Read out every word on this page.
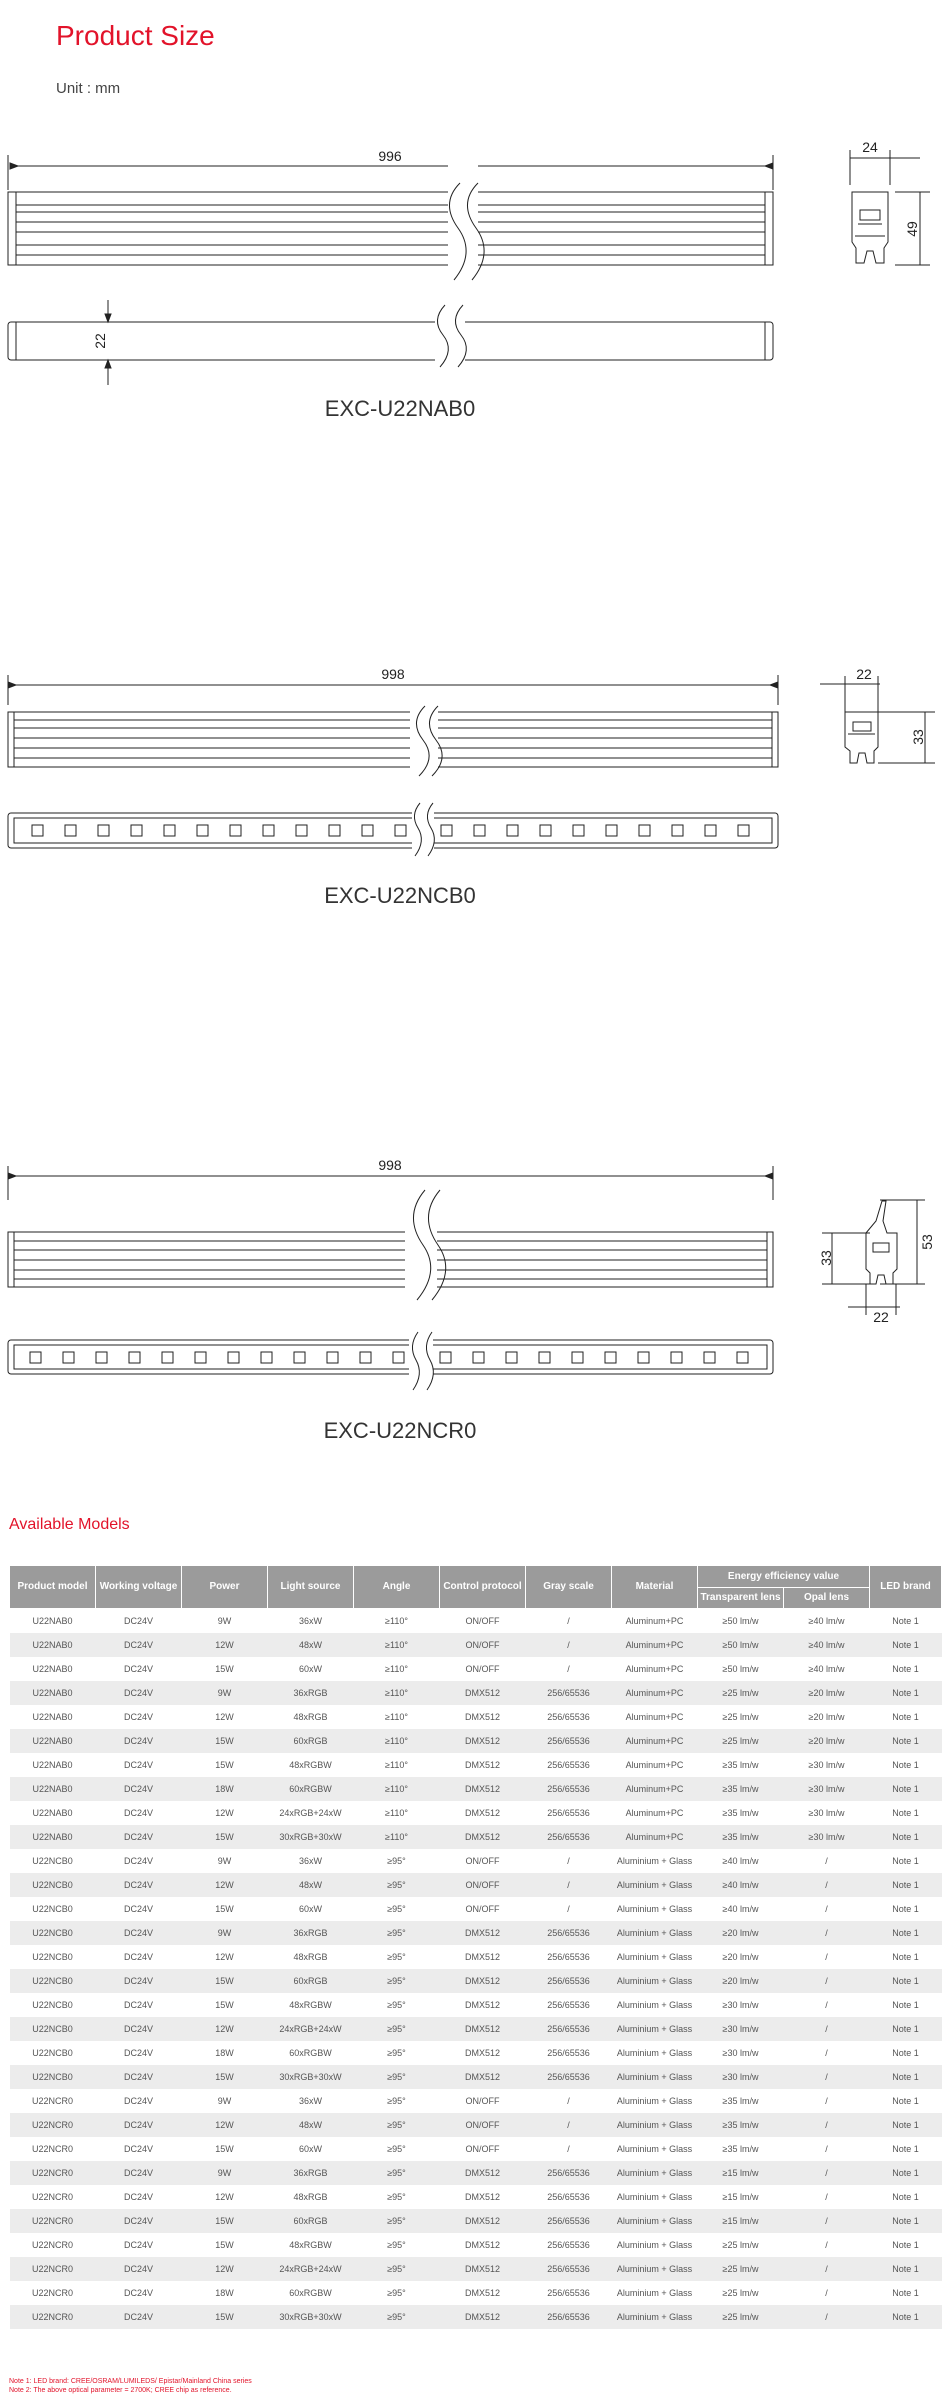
Product Size
Unit : mm
996
22
24
49
EXC-U22NAB0
998	22
33
EXC-U22NCB0
998
33
53
22
EXC-U22NCR0
Available Models
Product model	Working voltage	Power	Light source	Angle	Control protocol	Gray scale	Material	Energy efficiency value		LED brand
								Transparent lens	Opal lens	
U22NAB0	DC24V	9W	36xW	≥110°	ON/OFF	/	Aluminum+PC	≥50 lm/w	≥40 lm/w	Note 1
U22NAB0	DC24V	12W	48xW	≥110°	ON/OFF	/	Aluminum+PC	≥50 lm/w	≥40 lm/w	Note 1
U22NAB0	DC24V	15W	60xW	≥110°	ON/OFF	/	Aluminum+PC	≥50 lm/w	≥40 lm/w	Note 1
U22NAB0	DC24V	9W	36xRGB	≥110°	DMX512	256/65536	Aluminum+PC	≥25 lm/w	≥20 lm/w	Note 1
U22NAB0	DC24V	12W	48xRGB	≥110°	DMX512	256/65536	Aluminum+PC	≥25 lm/w	≥20 lm/w	Note 1
U22NAB0	DC24V	15W	60xRGB	≥110°	DMX512	256/65536	Aluminum+PC	≥25 lm/w	≥20 lm/w	Note 1
U22NAB0	DC24V	15W	48xRGBW	≥110°	DMX512	256/65536	Aluminum+PC	≥35 lm/w	≥30 lm/w	Note 1
U22NAB0	DC24V	18W	60xRGBW	≥110°	DMX512	256/65536	Aluminum+PC	≥35 lm/w	≥30 lm/w	Note 1
U22NAB0	DC24V	12W	24xRGB+24xW	≥110°	DMX512	256/65536	Aluminum+PC	≥35 lm/w	≥30 lm/w	Note 1
U22NAB0	DC24V	15W	30xRGB+30xW	≥110°	DMX512	256/65536	Aluminum+PC	≥35 lm/w	≥30 lm/w	Note 1
U22NCB0	DC24V	9W	36xW	≥95°	ON/OFF	/	Aluminium + Glass	≥40 lm/w	/	Note 1
U22NCB0	DC24V	12W	48xW	≥95°	ON/OFF	/	Aluminium + Glass	≥40 lm/w	/	Note 1
U22NCB0	DC24V	15W	60xW	≥95°	ON/OFF	/	Aluminium + Glass	≥40 lm/w	/	Note 1
U22NCB0	DC24V	9W	36xRGB	≥95°	DMX512	256/65536	Aluminium + Glass	≥20 lm/w	/	Note 1
U22NCB0	DC24V	12W	48xRGB	≥95°	DMX512	256/65536	Aluminium + Glass	≥20 lm/w	/	Note 1
U22NCB0	DC24V	15W	60xRGB	≥95°	DMX512	256/65536	Aluminium + Glass	≥20 lm/w	/	Note 1
U22NCB0	DC24V	15W	48xRGBW	≥95°	DMX512	256/65536	Aluminium + Glass	≥30 lm/w	/	Note 1
U22NCB0	DC24V	12W	24xRGB+24xW	≥95°	DMX512	256/65536	Aluminium + Glass	≥30 lm/w	/	Note 1
U22NCB0	DC24V	18W	60xRGBW	≥95°	DMX512	256/65536	Aluminium + Glass	≥30 lm/w	/	Note 1
U22NCB0	DC24V	15W	30xRGB+30xW	≥95°	DMX512	256/65536	Aluminium + Glass	≥30 lm/w	/	Note 1
U22NCR0	DC24V	9W	36xW	≥95°	ON/OFF	/	Aluminium + Glass	≥35 lm/w	/	Note 1
U22NCR0	DC24V	12W	48xW	≥95°	ON/OFF	/	Aluminium + Glass	≥35 lm/w	/	Note 1
U22NCR0	DC24V	15W	60xW	≥95°	ON/OFF	/	Aluminium + Glass	≥35 lm/w	/	Note 1
U22NCR0	DC24V	9W	36xRGB	≥95°	DMX512	256/65536	Aluminium + Glass	≥15 lm/w	/	Note 1
U22NCR0	DC24V	12W	48xRGB	≥95°	DMX512	256/65536	Aluminium + Glass	≥15 lm/w	/	Note 1
U22NCR0	DC24V	15W	60xRGB	≥95°	DMX512	256/65536	Aluminium + Glass	≥15 lm/w	/	Note 1
U22NCR0	DC24V	15W	48xRGBW	≥95°	DMX512	256/65536	Aluminium + Glass	≥25 lm/w	/	Note 1
U22NCR0	DC24V	12W	24xRGB+24xW	≥95°	DMX512	256/65536	Aluminium + Glass	≥25 lm/w	/	Note 1
U22NCR0	DC24V	18W	60xRGBW	≥95°	DMX512	256/65536	Aluminium + Glass	≥25 lm/w	/	Note 1
U22NCR0	DC24V	15W	30xRGB+30xW	≥95°	DMX512	256/65536	Aluminium + Glass	≥25 lm/w	/	Note 1
Note 1: LED brand: CREE/OSRAM/LUMILEDS/ Epistar/Mainland China series
Note 2: The above optical parameter = 2700K; CREE chip as reference.
